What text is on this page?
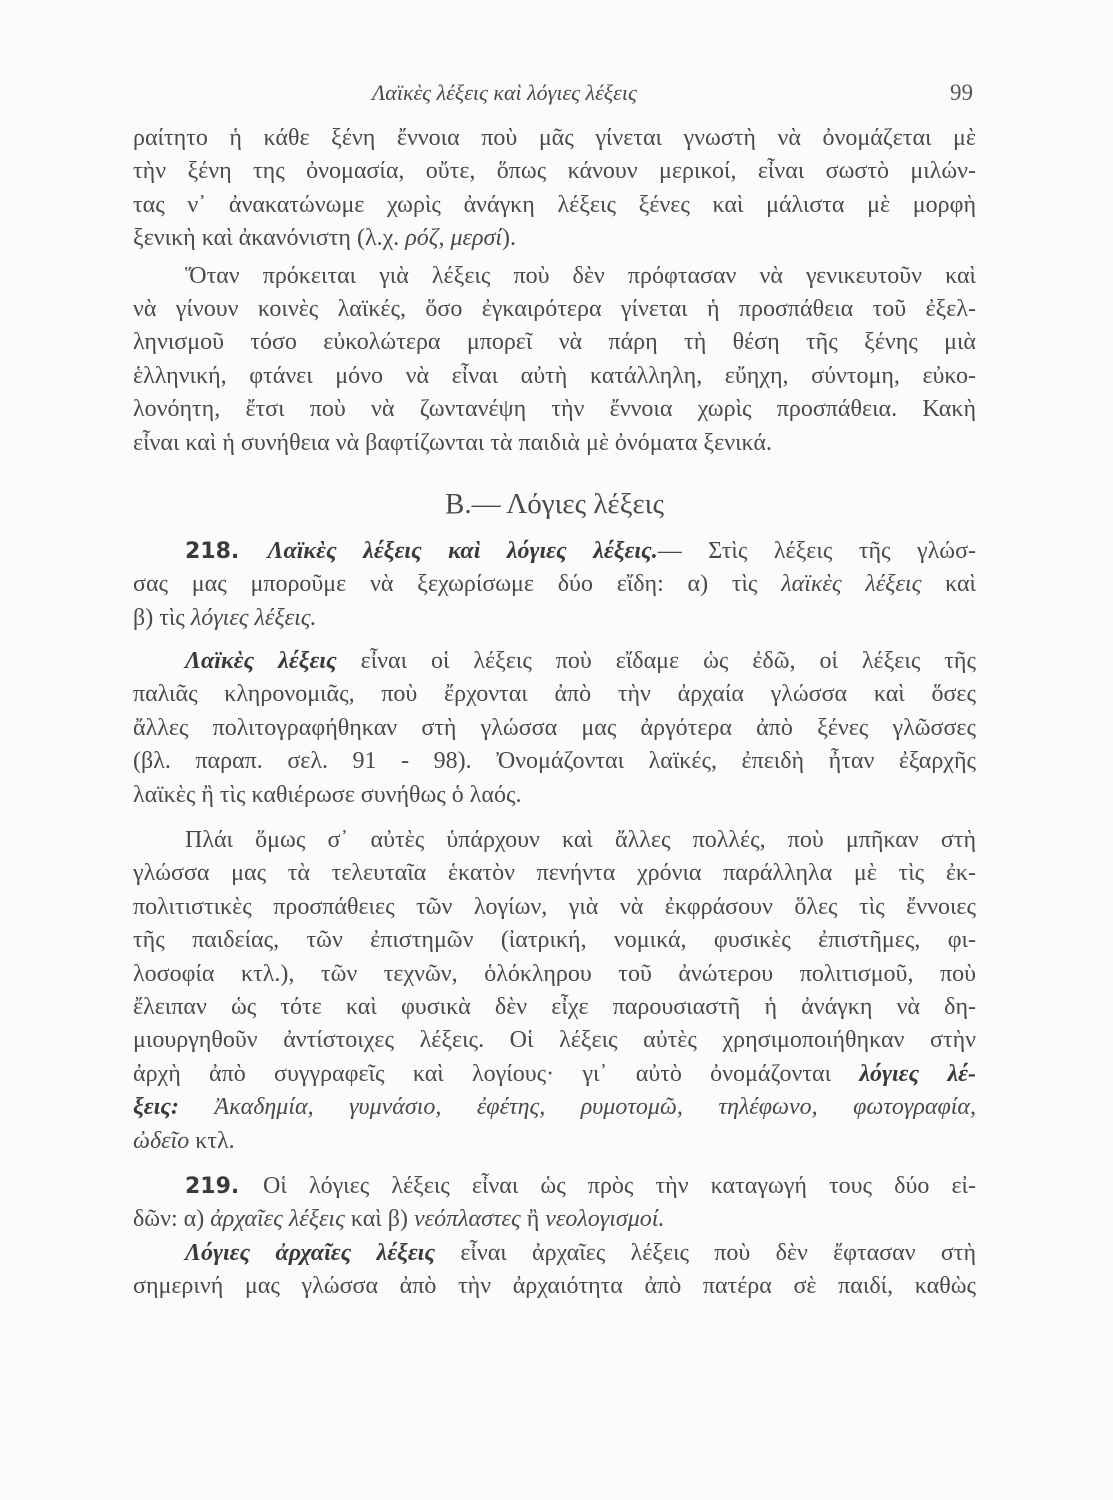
Λαϊκὲς λέξεις καὶ λόγιες λέξεις	99
ραίτητο ἡ κάθε ξένη ἔννοια ποὺ μᾶς γίνεται γνωστὴ νὰ ὀνομάζεται μὲ
τὴν ξένη της ὀνομασία, οὔτε, ὅπως κάνουν μερικοί, εἶναι σωστὸ μιλών-
τας ν᾽ ἀνακατώνωμε χωρὶς ἀνάγκη λέξεις ξένες καὶ μάλιστα μὲ μορφὴ
ξενικὴ καὶ ἀκανόνιστη (λ.χ. ρόζ, μερσί).
Ὅταν πρόκειται γιὰ λέξεις ποὺ δὲν πρόφτασαν νὰ γενικευτοῦν καὶ
νὰ γίνουν κοινὲς λαϊκές, ὅσο ἐγκαιρότερα γίνεται ἡ προσπάθεια τοῦ ἐξελ-
ληνισμοῦ τόσο εὐκολώτερα μπορεῖ νὰ πάρη τὴ θέση τῆς ξένης μιὰ
ἑλληνική, φτάνει μόνο νὰ εἶναι αὐτὴ κατάλληλη, εὔηχη, σύντομη, εὐκο-
λονόητη, ἔτσι ποὺ νὰ ζωντανέψη τὴν ἔννοια χωρὶς προσπάθεια. Κακὴ
εἶναι καὶ ἡ συνήθεια νὰ βαφτίζωνται τὰ παιδιὰ μὲ ὀνόματα ξενικά.
Β.— Λόγιες λέξεις
218. Λαϊκὲς λέξεις καὶ λόγιες λέξεις.— Στὶς λέξεις τῆς γλώσ-
σας μας μποροῦμε νὰ ξεχωρίσωμε δύο εἴδη: α) τὶς λαϊκὲς λέξεις καὶ
β) τὶς λόγιες λέξεις.
Λαϊκὲς λέξεις εἶναι οἱ λέξεις ποὺ εἴδαμε ὡς ἐδῶ, οἱ λέξεις τῆς
παλιᾶς κληρονομιᾶς, ποὺ ἔρχονται ἀπὸ τὴν ἀρχαία γλώσσα καὶ ὅσες
ἄλλες πολιτογραφήθηκαν στὴ γλώσσα μας ἀργότερα ἀπὸ ξένες γλῶσσες
(βλ. παραπ. σελ. 91 - 98). Ὀνομάζονται λαϊκές, ἐπειδὴ ἦταν ἐξαρχῆς
λαϊκὲς ἢ τὶς καθιέρωσε συνήθως ὁ λαός.
Πλάι ὅμως σ᾽ αὐτὲς ὑπάρχουν καὶ ἄλλες πολλές, ποὺ μπῆκαν στὴ
γλώσσα μας τὰ τελευταῖα ἑκατὸν πενήντα χρόνια παράλληλα μὲ τὶς ἐκ-
πολιτιστικὲς προσπάθειες τῶν λογίων, γιὰ νὰ ἐκφράσουν ὅλες τὶς ἔννοιες
τῆς παιδείας, τῶν ἐπιστημῶν (ἰατρική, νομικά, φυσικὲς ἐπιστῆμες, φι-
λοσοφία κτλ.), τῶν τεχνῶν, ὁλόκληρου τοῦ ἀνώτερου πολιτισμοῦ, ποὺ
ἔλειπαν ὡς τότε καὶ φυσικὰ δὲν εἶχε παρουσιαστῆ ἡ ἀνάγκη νὰ δη-
μιουργηθοῦν ἀντίστοιχες λέξεις. Οἱ λέξεις αὐτὲς χρησιμοποιήθηκαν στὴν
ἀρχὴ ἀπὸ συγγραφεῖς καὶ λογίους· γι᾽ αὐτὸ ὀνομάζονται λόγιες λέ-
ξεις: Ἀκαδημία, γυμνάσιο, ἐφέτης, ρυμοτομῶ, τηλέφωνο, φωτογραφία,
ὠδεῖο κτλ.
219. Οἱ λόγιες λέξεις εἶναι ὡς πρὸς τὴν καταγωγή τους δύο εἰ-
δῶν: α) ἀρχαῖες λέξεις καὶ β) νεόπλαστες ἢ νεολογισμοί.
Λόγιες ἀρχαῖες λέξεις εἶναι ἀρχαῖες λέξεις ποὺ δὲν ἔφτασαν στὴ
σημερινή μας γλώσσα ἀπὸ τὴν ἀρχαιότητα ἀπὸ πατέρα σὲ παιδί, καθὼς
